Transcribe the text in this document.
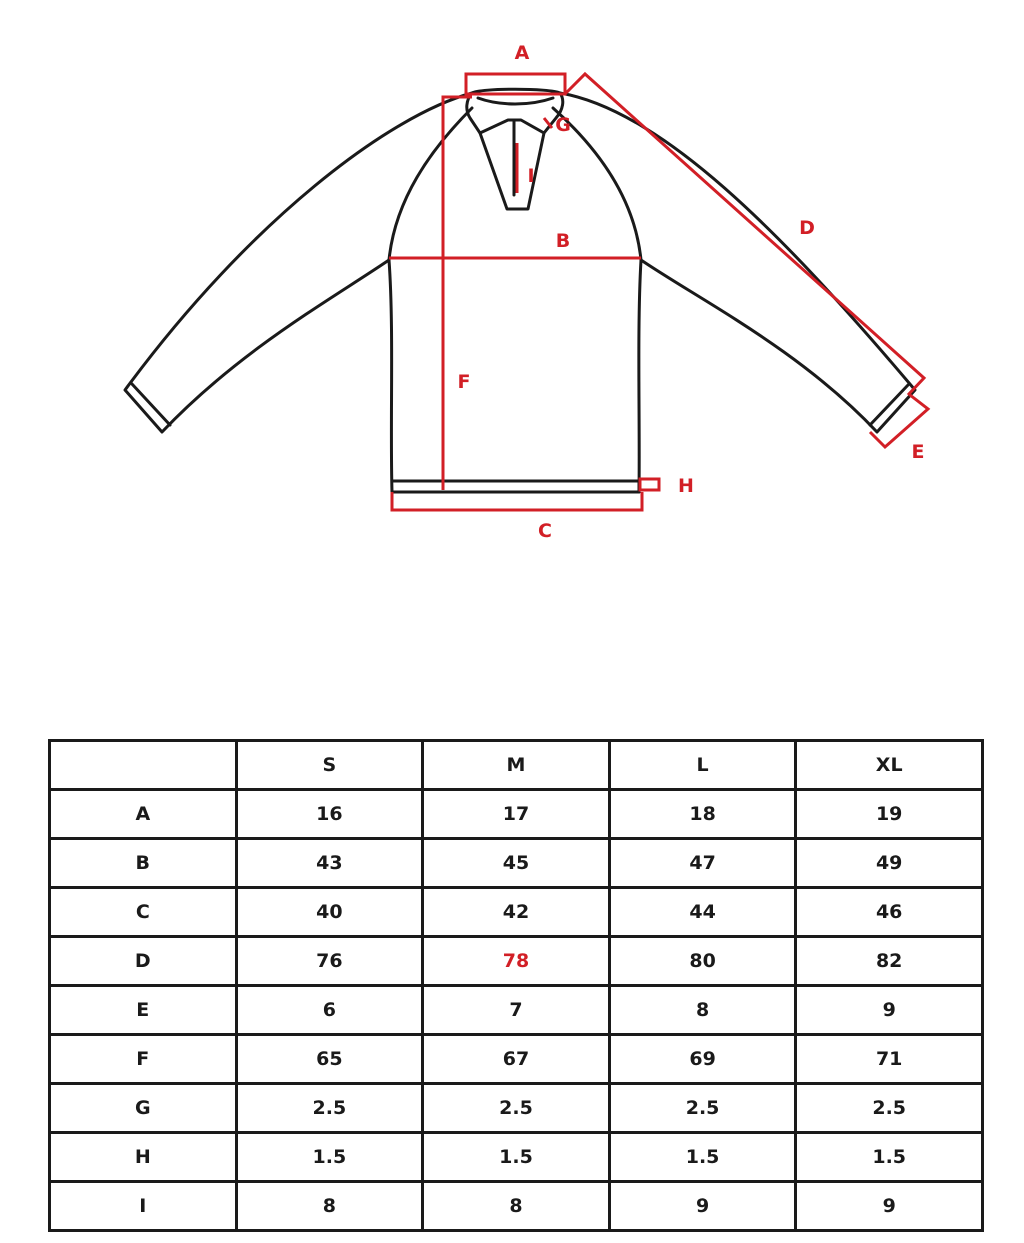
A
B
C
D
E
F
G
H
I
	S	M	L	XL
A	16	17	18	19
B	43	45	47	49
C	40	42	44	46
D	76	78	80	82
E	6	7	8	9
F	65	67	69	71
G	2.5	2.5	2.5	2.5
H	1.5	1.5	1.5	1.5
I	8	8	9	9
